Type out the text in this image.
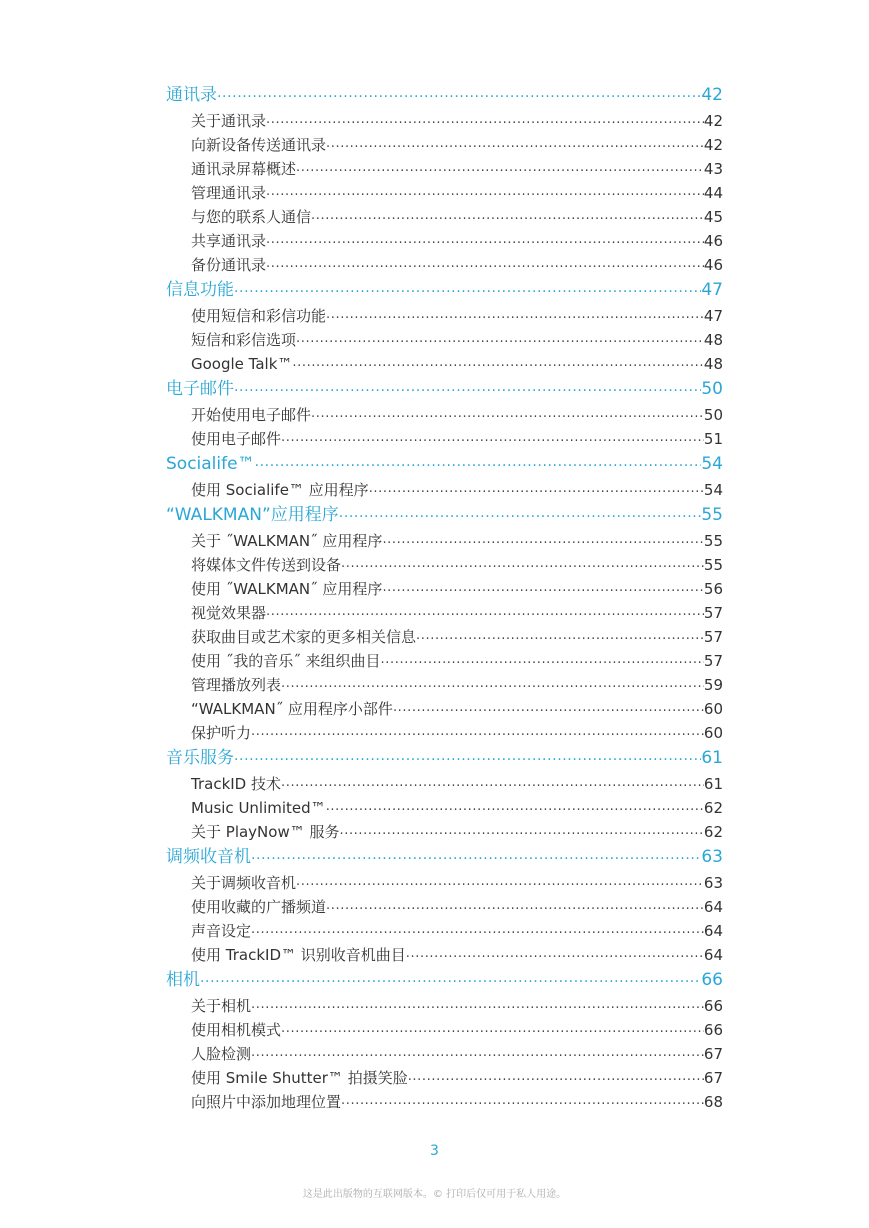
通讯录 .....	42
关于通讯录 .....	42
向新设备传送通讯录 .....	42
通讯录屏幕概述 .....	43
管理通讯录 .....	44
与您的联系人通信 .....	45
共享通讯录 .....	46
备份通讯录 .....	46
信息功能 .....	47
使用短信和彩信功能 .....	47
短信和彩信选项 .....	48
Google Talk™ .....	48
电子邮件 .....	50
开始使用电子邮件 .....	50
使用电子邮件 .....	51
Socialife™ .....	54
使用 Socialife™ 应用程序 .....	54
“WALKMAN”应用程序 .....	55
关于 ˝WALKMAN˝ 应用程序 .....	55
将媒体文件传送到设备 .....	55
使用 ˝WALKMAN˝ 应用程序 .....	56
视觉效果器 .....	57
获取曲目或艺术家的更多相关信息 .....	57
使用 ˝我的音乐˝ 来组织曲目 .....	57
管理播放列表 .....	59
“WALKMAN˝ 应用程序小部件 .....	60
保护听力 .....	60
音乐服务 .....	61
TrackID 技术 .....	61
Music Unlimited™ .....	62
关于 PlayNow™ 服务 .....	62
调频收音机 .....	63
关于调频收音机 .....	63
使用收藏的广播频道 .....	64
声音设定 .....	64
使用 TrackID™ 识别收音机曲目 .....	64
相机 .....	66
关于相机 .....	66
使用相机模式 .....	66
人脸检测 .....	67
使用 Smile Shutter™ 拍摄笑脸 .....	67
向照片中添加地理位置 .....	68
3
这是此出版物的互联网版本。© 打印后仅可用于私人用途。
